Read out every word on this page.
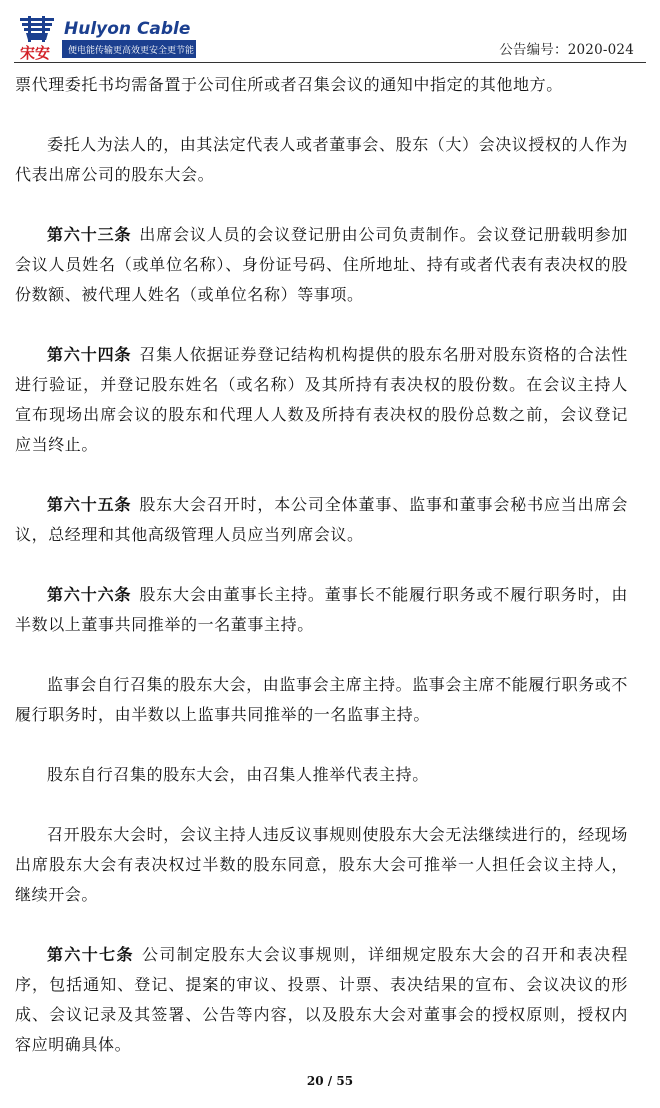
宋安
Hulyon Cable
便电能传输更高效更安全更节能	公告编号：2020-024

票代理委托书均需备置于公司住所或者召集会议的通知中指定的其他地方。

委托人为法人的，由其法定代表人或者董事会、股东（大）会决议授权的人作为代表出席公司的股东大会。

第六十三条 出席会议人员的会议登记册由公司负责制作。会议登记册载明参加会议人员姓名（或单位名称）、身份证号码、住所地址、持有或者代表有表决权的股份数额、被代理人姓名（或单位名称）等事项。

第六十四条 召集人依据证券登记结构机构提供的股东名册对股东资格的合法性进行验证，并登记股东姓名（或名称）及其所持有表决权的股份数。在会议主持人宣布现场出席会议的股东和代理人人数及所持有表决权的股份总数之前，会议登记应当终止。

第六十五条 股东大会召开时，本公司全体董事、监事和董事会秘书应当出席会议，总经理和其他高级管理人员应当列席会议。

第六十六条 股东大会由董事长主持。董事长不能履行职务或不履行职务时，由半数以上董事共同推举的一名董事主持。

监事会自行召集的股东大会，由监事会主席主持。监事会主席不能履行职务或不履行职务时，由半数以上监事共同推举的一名监事主持。

股东自行召集的股东大会，由召集人推举代表主持。

召开股东大会时，会议主持人违反议事规则使股东大会无法继续进行的，经现场出席股东大会有表决权过半数的股东同意，股东大会可推举一人担任会议主持人，继续开会。

第六十七条 公司制定股东大会议事规则，详细规定股东大会的召开和表决程序，包括通知、登记、提案的审议、投票、计票、表决结果的宣布、会议决议的形成、会议记录及其签署、公告等内容，以及股东大会对董事会的授权原则，授权内容应明确具体。

20 / 55
